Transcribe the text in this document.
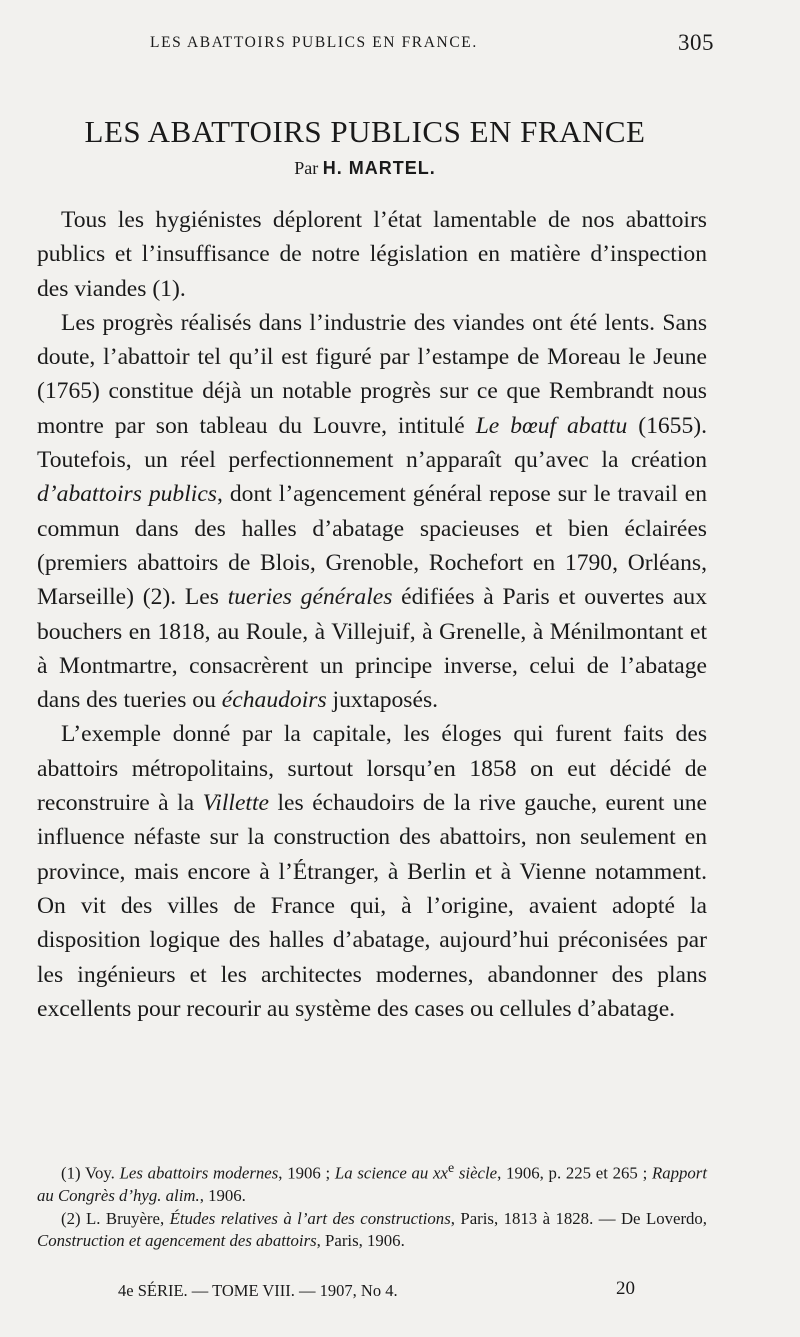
LES ABATTOIRS PUBLICS EN FRANCE.	305
LES ABATTOIRS PUBLICS EN FRANCE
Par H. MARTEL.

Tous les hygiénistes déplorent l’état lamentable de nos abattoirs publics et l’insuffisance de notre législation en matière d’inspection des viandes (1).

Les progrès réalisés dans l’industrie des viandes ont été lents. Sans doute, l’abattoir tel qu’il est figuré par l’estampe de Moreau le Jeune (1765) constitue déjà un notable progrès sur ce que Rembrandt nous montre par son tableau du Louvre, intitulé Le bœuf abattu (1655). Toutefois, un réel perfectionnement n’apparaît qu’avec la création d’abattoirs publics, dont l’agencement général repose sur le travail en commun dans des halles d’abatage spacieuses et bien éclairées (premiers abattoirs de Blois, Grenoble, Rochefort en 1790, Orléans, Marseille) (2). Les tueries générales édifiées à Paris et ouvertes aux bouchers en 1818, au Roule, à Villejuif, à Grenelle, à Ménilmontant et à Montmartre, consacrèrent un principe inverse, celui de l’abatage dans des tueries ou échaudoirs juxtaposés.

L’exemple donné par la capitale, les éloges qui furent faits des abattoirs métropolitains, surtout lorsqu’en 1858 on eut décidé de reconstruire à la Villette les échaudoirs de la rive gauche, eurent une influence néfaste sur la construction des abattoirs, non seulement en province, mais encore à l’Étranger, à Berlin et à Vienne notamment. On vit des villes de France qui, à l’origine, avaient adopté la disposition logique des halles d’abatage, aujourd’hui préconisées par les ingénieurs et les architectes modernes, abandonner des plans excellents pour recourir au système des cases ou cellules d’abatage.

(1) Voy. Les abattoirs modernes, 1906 ; La science au $xx^e$ siècle, 1906, p. 225 et 265 ; Rapport au Congrès d’hyg. alim., 1906.

(2) L. Bruyère, Études relatives à l’art des constructions, Paris, 1813 à 1828. — De Loverdo, Construction et agencement des abattoirs, Paris, 1906.

4e SÉRIE. — TOME VIII. — 1907, No 4.	20
